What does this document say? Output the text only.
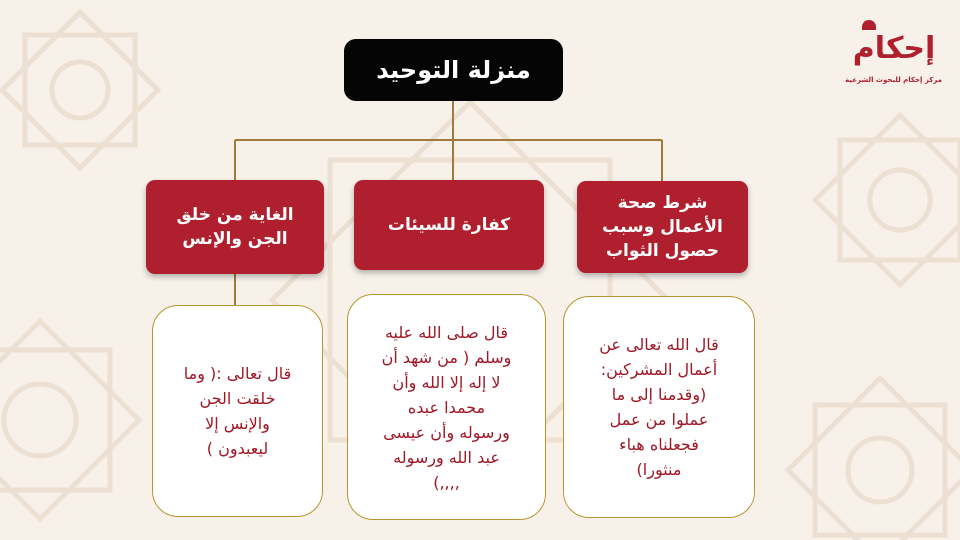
إحكام
مركز إحكام للبحوث الشرعية
منزلة التوحيد
شرط صحة
الأعمال وسبب
حصول الثواب
كفارة للسيئات
الغاية من خلق
الجن والإنس
قال الله تعالى عن
أعمال المشركين:
(وقدمنا إلى ما
عملوا من عمل
فجعلناه هباء
منثورا)
قال صلى الله عليه
وسلم ( من شهد أن
لا إله إلا الله وأن
محمدا عبده
ورسوله وأن عيسى
عبد الله ورسوله
,,,,)
قال تعالى :( وما
خلقت الجن
والإنس إلا
ليعبدون )
